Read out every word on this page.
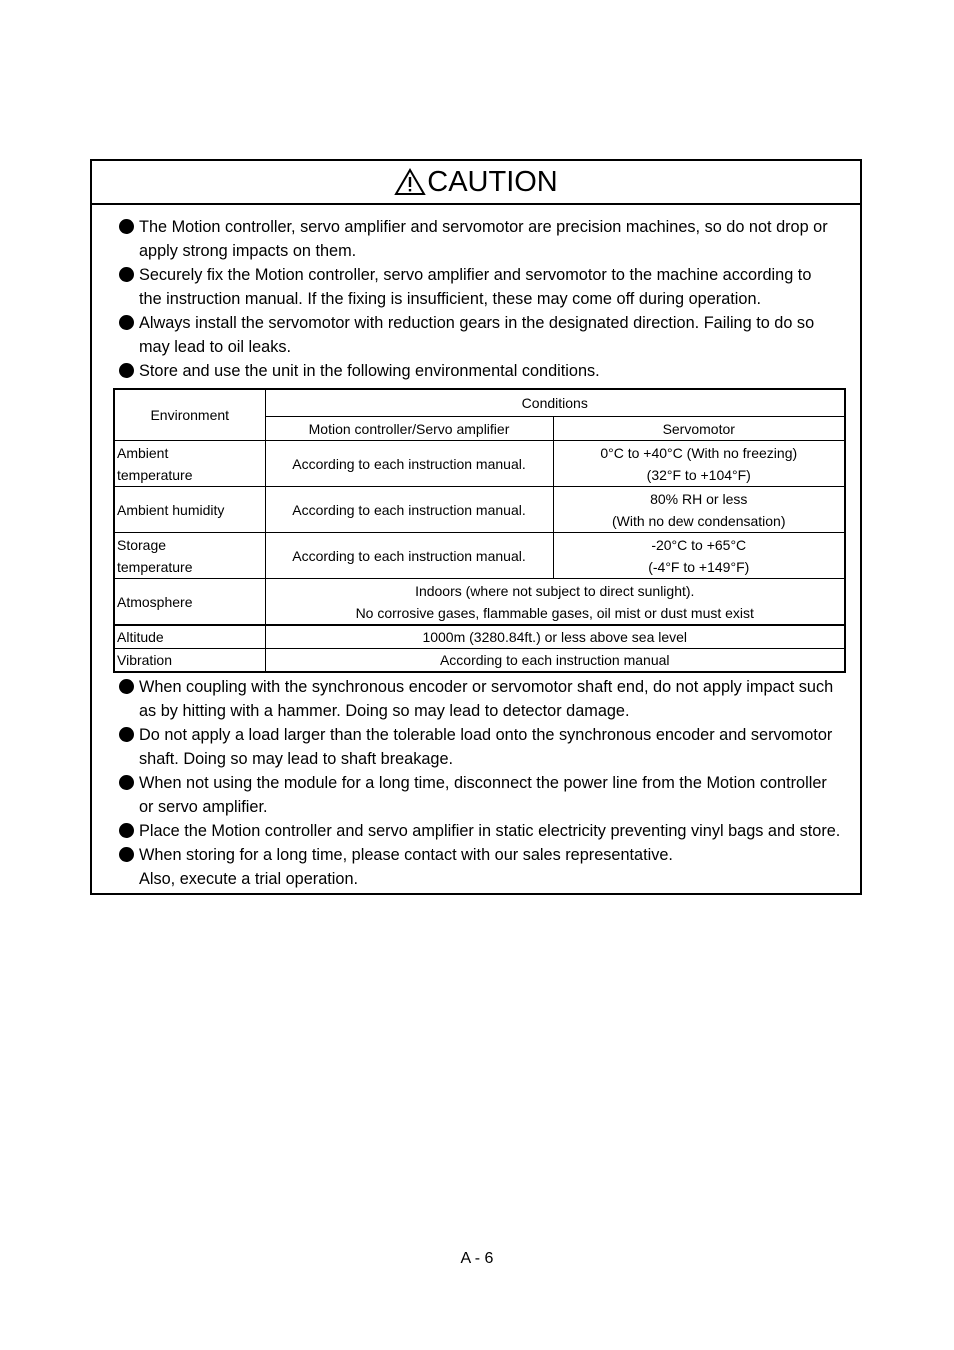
CAUTION
The Motion controller, servo amplifier and servomotor are precision machines, so do not drop or
apply strong impacts on them.
Securely fix the Motion controller, servo amplifier and servomotor to the machine according to
the instruction manual. If the fixing is insufficient, these may come off during operation.
Always install the servomotor with reduction gears in the designated direction. Failing to do so
may lead to oil leaks.
Store and use the unit in the following environmental conditions.
Environment	Conditions	
	Motion controller/Servo amplifier	Servomotor

Ambient
temperature	According to each instruction manual.	0°C to +40°C (With no freezing)
(32°F to +104°F)

Ambient humidity	According to each instruction manual.	80% RH or less
(With no dew condensation)

Storage
temperature	According to each instruction manual.	-20°C to +65°C
(-4°F to +149°F)

Atmosphere	Indoors (where not subject to direct sunlight).
No corrosive gases, flammable gases, oil mist or dust must exist	

Altitude	1000m (3280.84ft.) or less above sea level	
Vibration	According to each instruction manual	
When coupling with the synchronous encoder or servomotor shaft end, do not apply impact such
as by hitting with a hammer. Doing so may lead to detector damage.
Do not apply a load larger than the tolerable load onto the synchronous encoder and servomotor
shaft. Doing so may lead to shaft breakage.
When not using the module for a long time, disconnect the power line from the Motion controller
or servo amplifier.
Place the Motion controller and servo amplifier in static electricity preventing vinyl bags and store.
When storing for a long time, please contact with our sales representative.
Also, execute a trial operation.
A - 6
